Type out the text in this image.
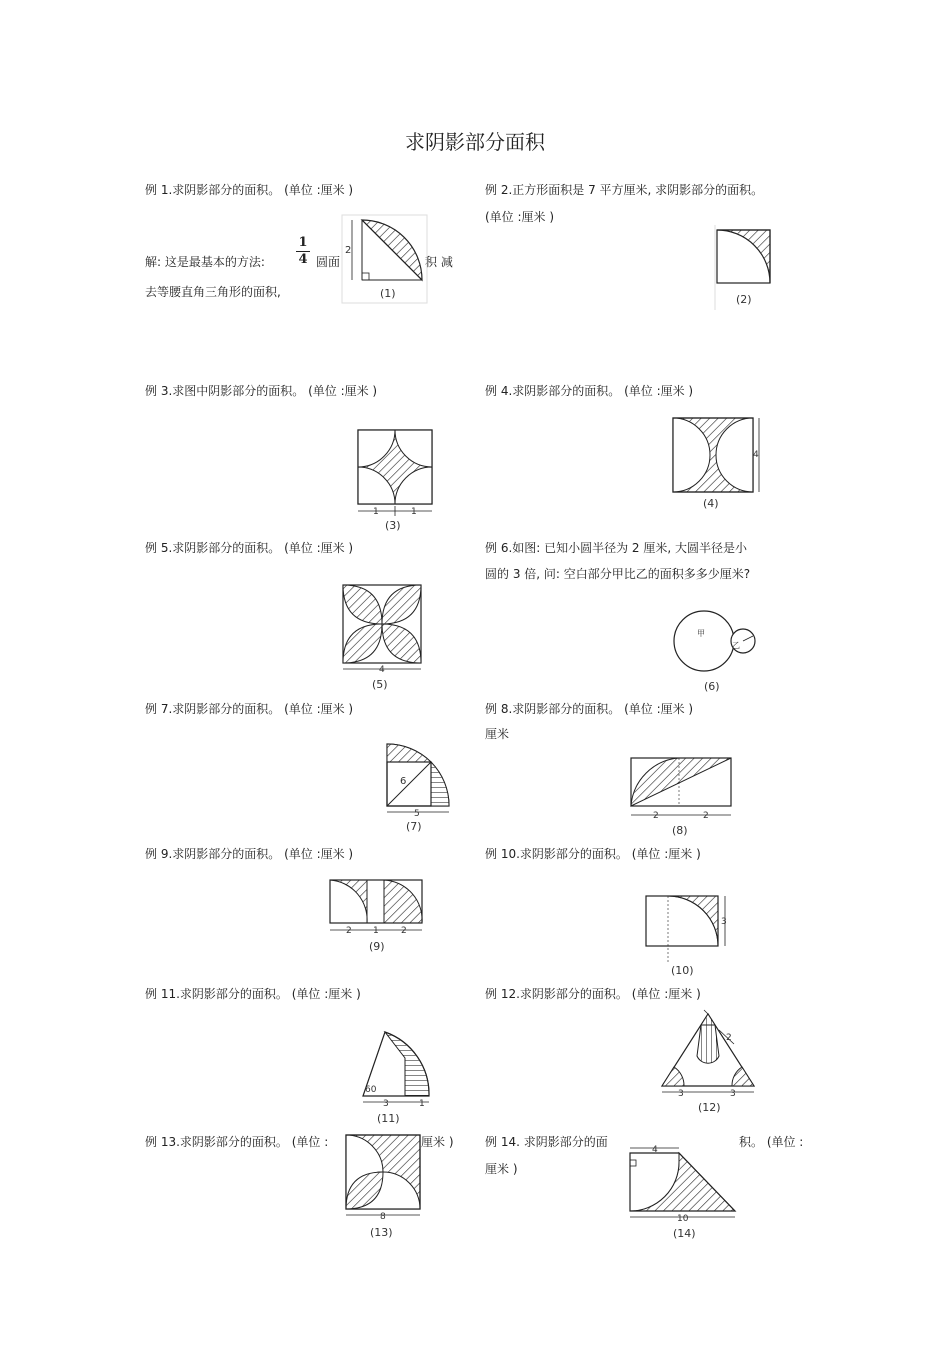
求阴影部分面积
例 1.求阴影部分的面积。 (单位 :厘米 )
解: 这是最基本的方法:
1
4 圆面	积 减
去等腰直角三角形的面积,
2
(1)
例 2.正方形面积是 7 平方厘米, 求阴影部分的面积。
(单位 :厘米 )
(2)
例 3.求图中阴影部分的面积。 (单位 :厘米 )
1	1
(3)
例 4.求阴影部分的面积。 (单位 :厘米 )
4
(4)
例 5.求阴影部分的面积。 (单位 :厘米 )
4
(5)
例 6.如图: 已知小圆半径为 2 厘米, 大圆半径是小
圆的 3 倍, 问: 空白部分甲比乙的面积多多少厘米?
甲
乙
(6)
例 7.求阴影部分的面积。 (单位 :厘米 )
6
5
(7)
例 8.求阴影部分的面积。 (单位 :厘米 )
厘米
2	2
(8)
例 9.求阴影部分的面积。 (单位 :厘米 )
2 1 2
(9)
例 10.求阴影部分的面积。 (单位 :厘米 )
3
(10)
例 11.求阴影部分的面积。 (单位 :厘米 )
60
3	1
(11)
例 12.求阴影部分的面积。 (单位 :厘米 )
2
3	3
(12)
例 13.求阴影部分的面积。 (单位 :	厘米 )
8
(13)
例 14. 求阴影部分的面	积。 (单位 :
厘米 )
4
10
(14)
